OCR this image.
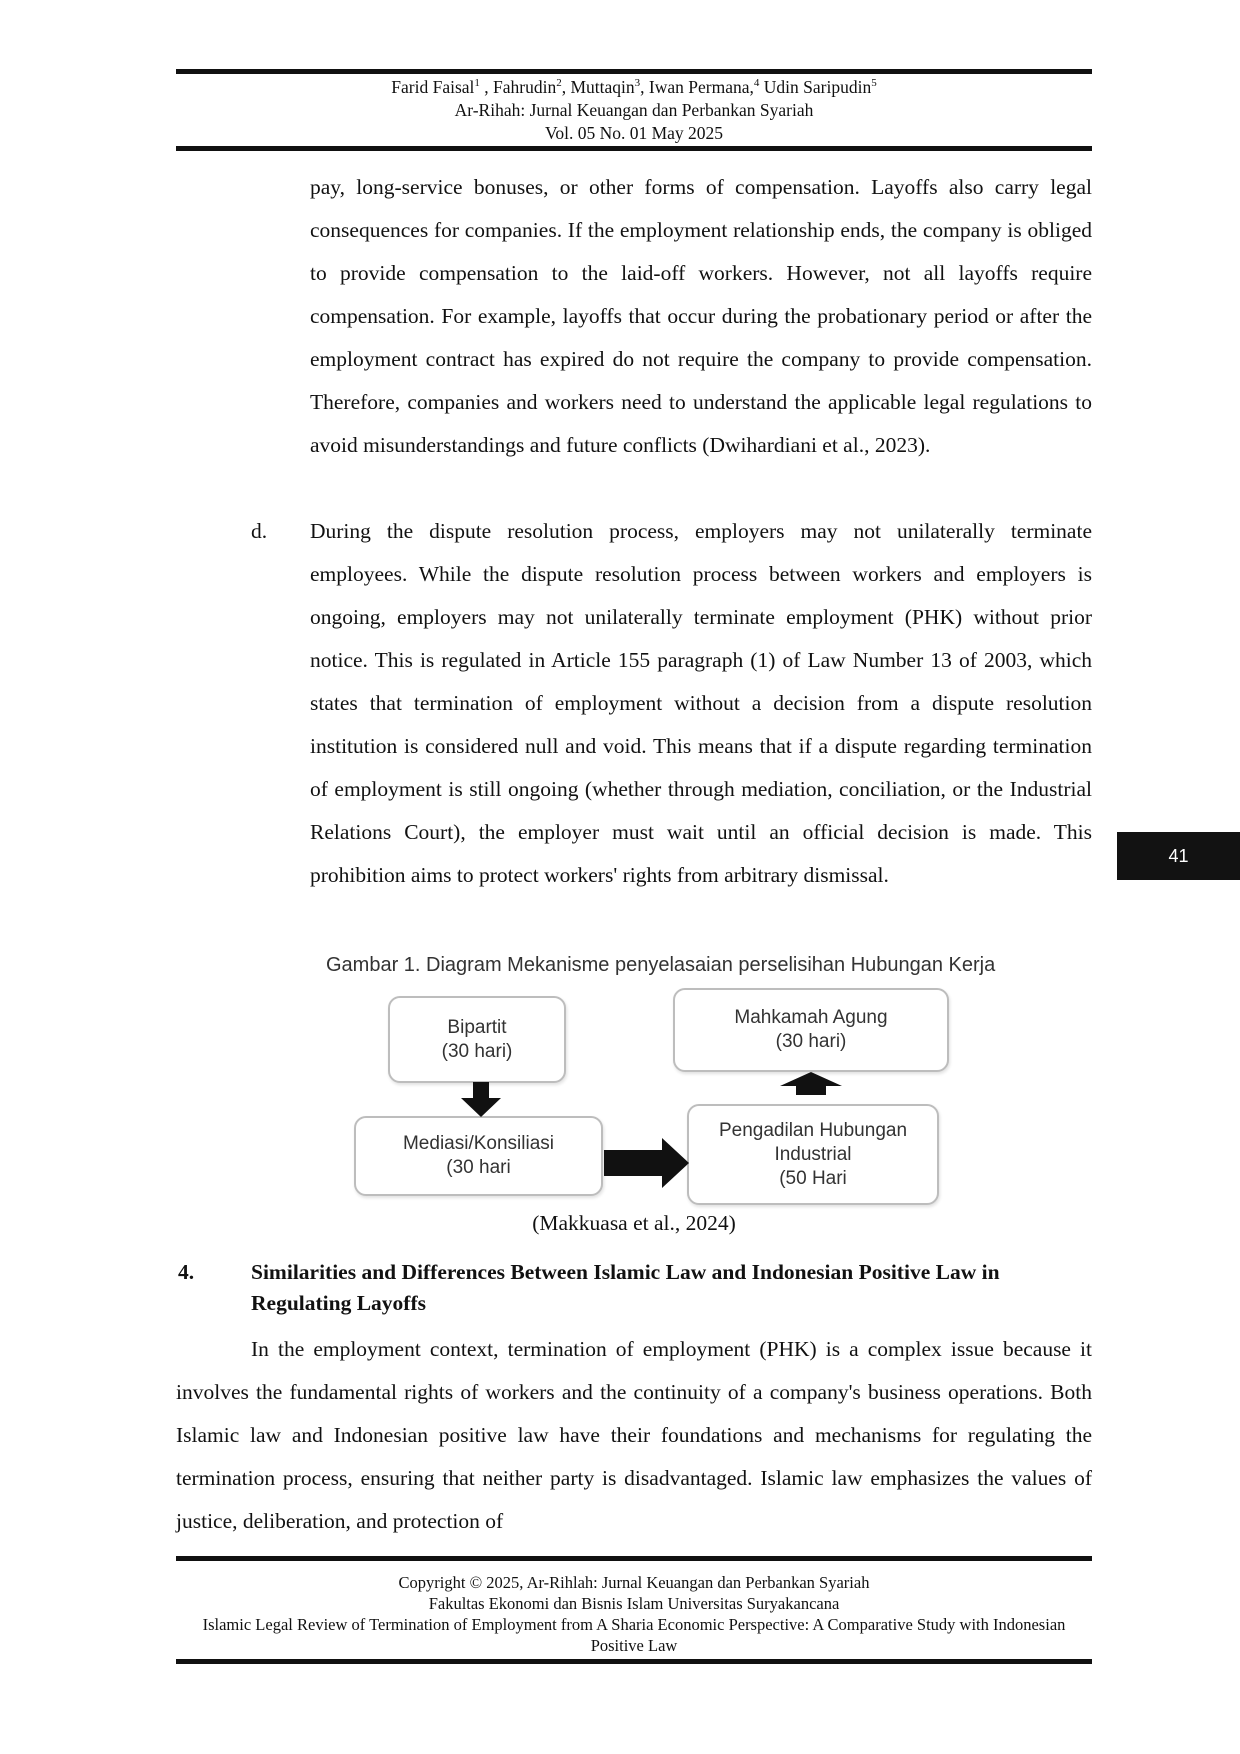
Farid Faisal$^1$ , Fahrudin$^2$, Muttaqin$^3$, Iwan Permana,$^4$ Udin Saripudin$^5$
Ar-Rihah: Jurnal Keuangan dan Perbankan Syariah
Vol. 05 No. 01 May 2025

pay, long-service bonuses, or other forms of compensation. Layoffs also carry legal consequences for companies. If the employment relationship ends, the company is obliged to provide compensation to the laid-off workers. However, not all layoffs require compensation. For example, layoffs that occur during the probationary period or after the employment contract has expired do not require the company to provide compensation. Therefore, companies and workers need to understand the applicable legal regulations to avoid misunderstandings and future conflicts (Dwihardiani et al., 2023).

d. During the dispute resolution process, employers may not unilaterally terminate employees. While the dispute resolution process between workers and employers is ongoing, employers may not unilaterally terminate employment (PHK) without prior notice. This is regulated in Article 155 paragraph (1) of Law Number 13 of 2003, which states that termination of employment without a decision from a dispute resolution institution is considered null and void. This means that if a dispute regarding termination of employment is still ongoing (whether through mediation, conciliation, or the Industrial Relations Court), the employer must wait until an official decision is made. This prohibition aims to protect workers' rights from arbitrary dismissal.

41
Gambar 1. Diagram Mekanisme penyelasaian perselisihan Hubungan Kerja
Bipartit
(30 hari)
Mahkamah Agung
(30 hari)
Mediasi/Konsiliasi
(30 hari
Pengadilan Hubungan
Industrial
(50 Hari
(Makkuasa et al., 2024)
4.	Similarities and Differences Between Islamic Law and Indonesian Positive Law in Regulating Layoffs

In the employment context, termination of employment (PHK) is a complex issue because it involves the fundamental rights of workers and the continuity of a company's business operations. Both Islamic law and Indonesian positive law have their foundations and mechanisms for regulating the termination process, ensuring that neither party is disadvantaged. Islamic law emphasizes the values of justice, deliberation, and protection of

Copyright © 2025, Ar-Rihlah: Jurnal Keuangan dan Perbankan Syariah
Fakultas Ekonomi dan Bisnis Islam Universitas Suryakancana
Islamic Legal Review of Termination of Employment from A Sharia Economic Perspective: A Comparative Study with Indonesian Positive Law
